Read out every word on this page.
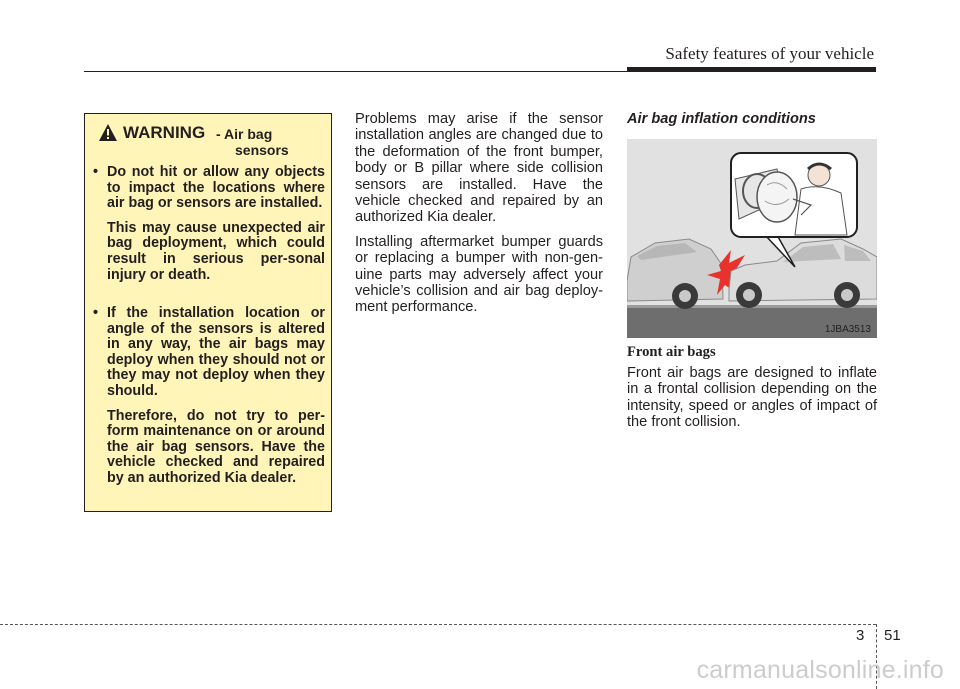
Safety features of your vehicle
WARNING - Air bag
sensors
• Do not hit or allow any objects to impact the locations where air bag or sensors are installed.

This may cause unexpected air bag deployment, which could result in serious per-sonal injury or death.

• If the installation location or angle of the sensors is altered in any way, the air bags may deploy when they should not or they may not deploy when they should.

Therefore, do not try to per-form maintenance on or around the air bag sensors. Have the vehicle checked and repaired by an authorized Kia dealer.

Problems may arise if the sensor installation angles are changed due to the deformation of the front bumper, body or B pillar where side collision sensors are installed. Have the vehicle checked and repaired by an authorized Kia dealer.

Installing aftermarket bumper guards or replacing a bumper with non-gen-uine parts may adversely affect your vehicle’s collision and air bag deploy-ment performance.

Air bag inflation conditions
1JBA3513
Front air bags
Front air bags are designed to inflate in a frontal collision depending on the intensity, speed or angles of impact of the front collision.
3 51
carmanualsonline.info
